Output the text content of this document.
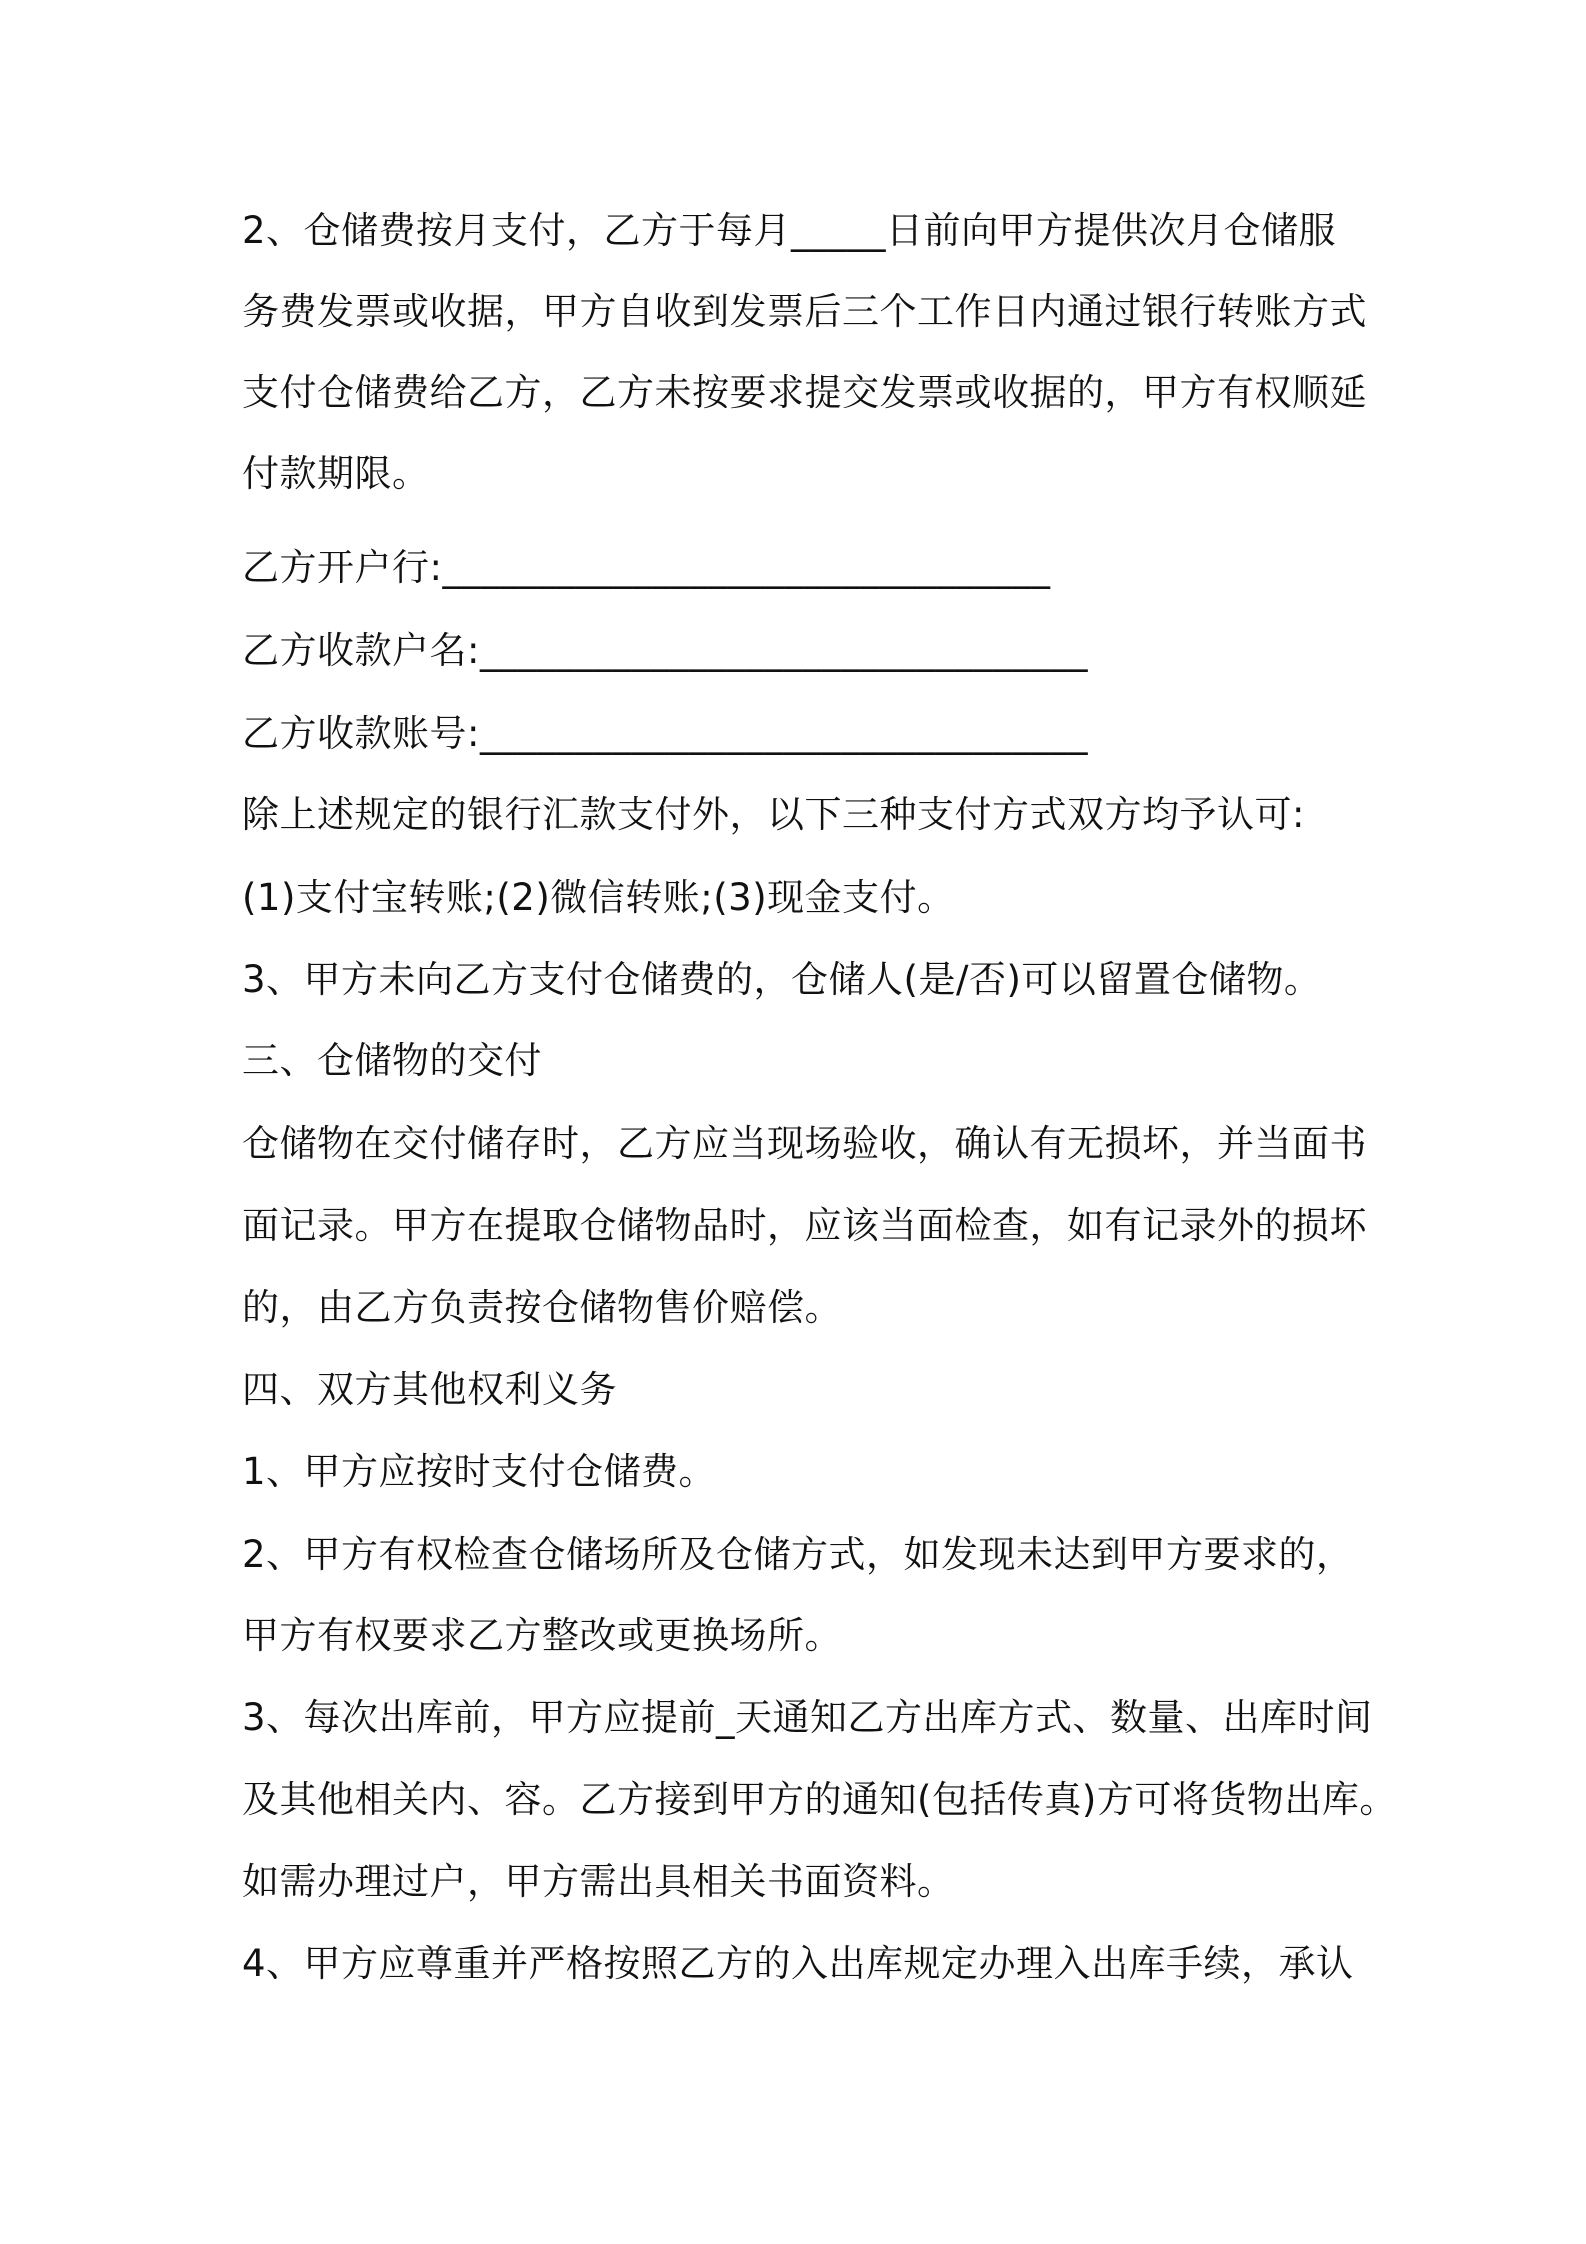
2、仓储费按月支付，乙方于每月_____日前向甲方提供次月仓储服
务费发票或收据，甲方自收到发票后三个工作日内通过银行转账方式
支付仓储费给乙方，乙方未按要求提交发票或收据的，甲方有权顺延
付款期限。
乙方开户行:________________________________
乙方收款户名:________________________________
乙方收款账号:________________________________
除上述规定的银行汇款支付外，以下三种支付方式双方均予认可:
(1)支付宝转账;(2)微信转账;(3)现金支付。
3、甲方未向乙方支付仓储费的，仓储人(是/否)可以留置仓储物。
三、仓储物的交付
仓储物在交付储存时，乙方应当现场验收，确认有无损坏，并当面书
面记录。甲方在提取仓储物品时，应该当面检查，如有记录外的损坏
的，由乙方负责按仓储物售价赔偿。
四、双方其他权利义务
1、甲方应按时支付仓储费。
2、甲方有权检查仓储场所及仓储方式，如发现未达到甲方要求的，
甲方有权要求乙方整改或更换场所。
3、每次出库前，甲方应提前_天通知乙方出库方式、数量、出库时间
及其他相关内、容。乙方接到甲方的通知(包括传真)方可将货物出库。
如需办理过户，甲方需出具相关书面资料。
4、甲方应尊重并严格按照乙方的入出库规定办理入出库手续，承认
